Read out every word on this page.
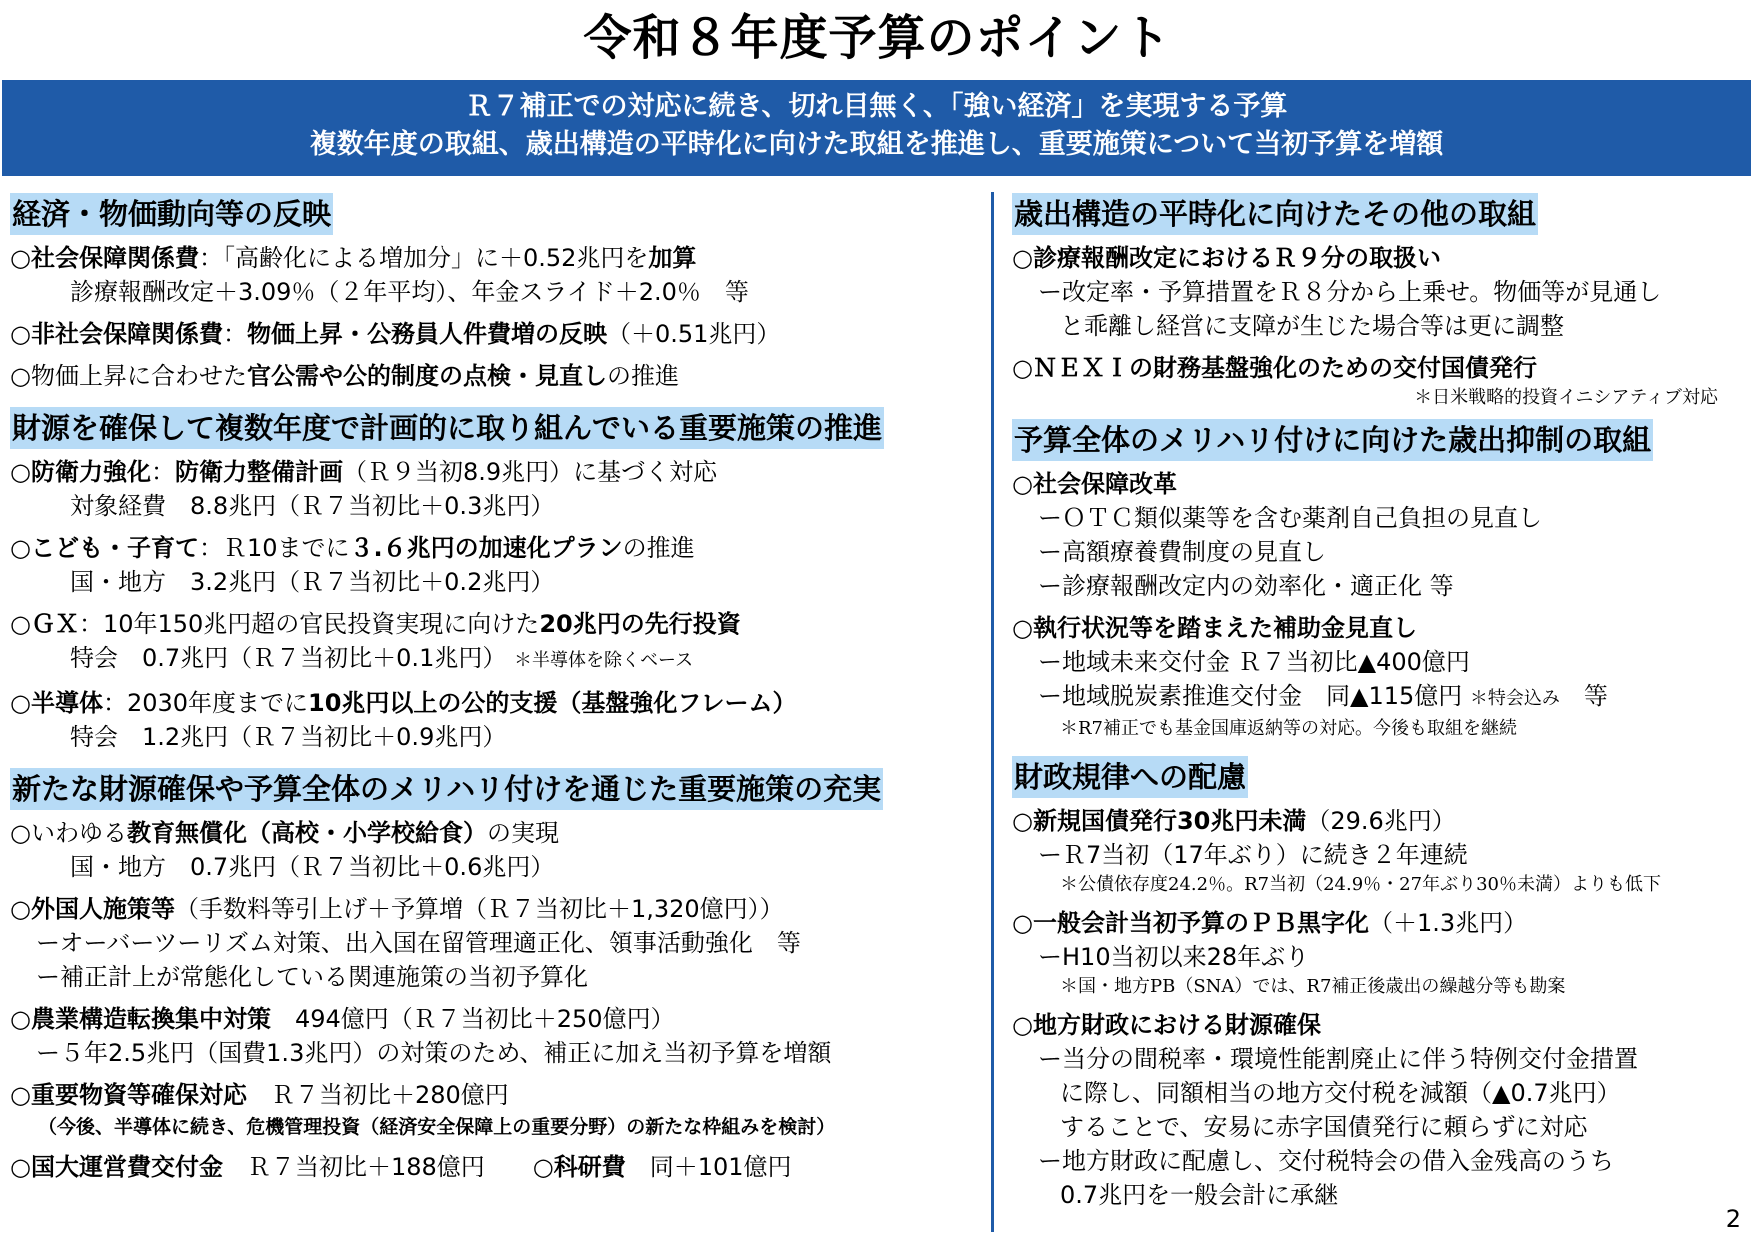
令和８年度予算のポイント
Ｒ７補正での対応に続き、切れ目無く、「強い経済」を実現する予算
複数年度の取組、歳出構造の平時化に向けた取組を推進し、重要施策について当初予算を増額
経済・物価動向等の反映
○社会保障関係費：「高齢化による増加分」に＋0.52兆円を加算
診療報酬改定＋3.09％（２年平均）、年金スライド＋2.0％　等
○非社会保障関係費：物価上昇・公務員人件費増の反映（＋0.51兆円）
○物価上昇に合わせた官公需や公的制度の点検・見直しの推進
財源を確保して複数年度で計画的に取り組んでいる重要施策の推進
○防衛力強化：防衛力整備計画（Ｒ９当初8.9兆円）に基づく対応
対象経費　8.8兆円（Ｒ７当初比＋0.3兆円）
○こども・子育て：Ｒ10までに３.６兆円の加速化プランの推進
国・地方　3.2兆円（Ｒ７当初比＋0.2兆円）
○ＧＸ：10年150兆円超の官民投資実現に向けた20兆円の先行投資
特会　0.7兆円（Ｒ７当初比＋0.1兆円） ＊半導体を除くベース
○半導体：2030年度までに10兆円以上の公的支援（基盤強化フレーム）
特会　1.2兆円（Ｒ７当初比＋0.9兆円）
新たな財源確保や予算全体のメリハリ付けを通じた重要施策の充実
○いわゆる教育無償化（高校・小学校給食）の実現
国・地方　0.7兆円（Ｒ７当初比＋0.6兆円）
○外国人施策等（手数料等引上げ＋予算増（Ｒ７当初比＋1,320億円））
ーオーバーツーリズム対策、出入国在留管理適正化、領事活動強化　等
ー補正計上が常態化している関連施策の当初予算化
○農業構造転換集中対策　494億円（Ｒ７当初比＋250億円）
ー５年2.5兆円（国費1.3兆円）の対策のため、補正に加え当初予算を増額
○重要物資等確保対応　Ｒ７当初比＋280億円
（今後、半導体に続き、危機管理投資（経済安全保障上の重要分野）の新たな枠組みを検討）
○国大運営費交付金　Ｒ７当初比＋188億円　　○科研費　同＋101億円
歳出構造の平時化に向けたその他の取組
○診療報酬改定におけるＲ９分の取扱い
ー改定率・予算措置をＲ８分から上乗せ。物価等が見通し
と乖離し経営に支障が生じた場合等は更に調整
○ＮＥＸＩの財務基盤強化のための交付国債発行
＊日米戦略的投資イニシアティブ対応
予算全体のメリハリ付けに向けた歳出抑制の取組
○社会保障改革
ーＯＴＣ類似薬等を含む薬剤自己負担の見直し
ー高額療養費制度の見直し
ー診療報酬改定内の効率化・適正化 等
○執行状況等を踏まえた補助金見直し
ー地域未来交付金 Ｒ７当初比▲400億円
ー地域脱炭素推進交付金　同▲115億円 ＊特会込み　等
＊R7補正でも基金国庫返納等の対応。今後も取組を継続
財政規律への配慮
○新規国債発行30兆円未満（29.6兆円）
ーＲ7当初（17年ぶり）に続き２年連続
＊公債依存度24.2％。R7当初（24.9％・27年ぶり30％未満）よりも低下
○一般会計当初予算のＰＢ黒字化（＋1.3兆円）
ーH10当初以来28年ぶり
＊国・地方PB（SNA）では、R7補正後歳出の繰越分等も勘案
○地方財政における財源確保
ー当分の間税率・環境性能割廃止に伴う特例交付金措置
に際し、同額相当の地方交付税を減額（▲0.7兆円）
することで、安易に赤字国債発行に頼らずに対応
ー地方財政に配慮し、交付税特会の借入金残高のうち
0.7兆円を一般会計に承継
2
